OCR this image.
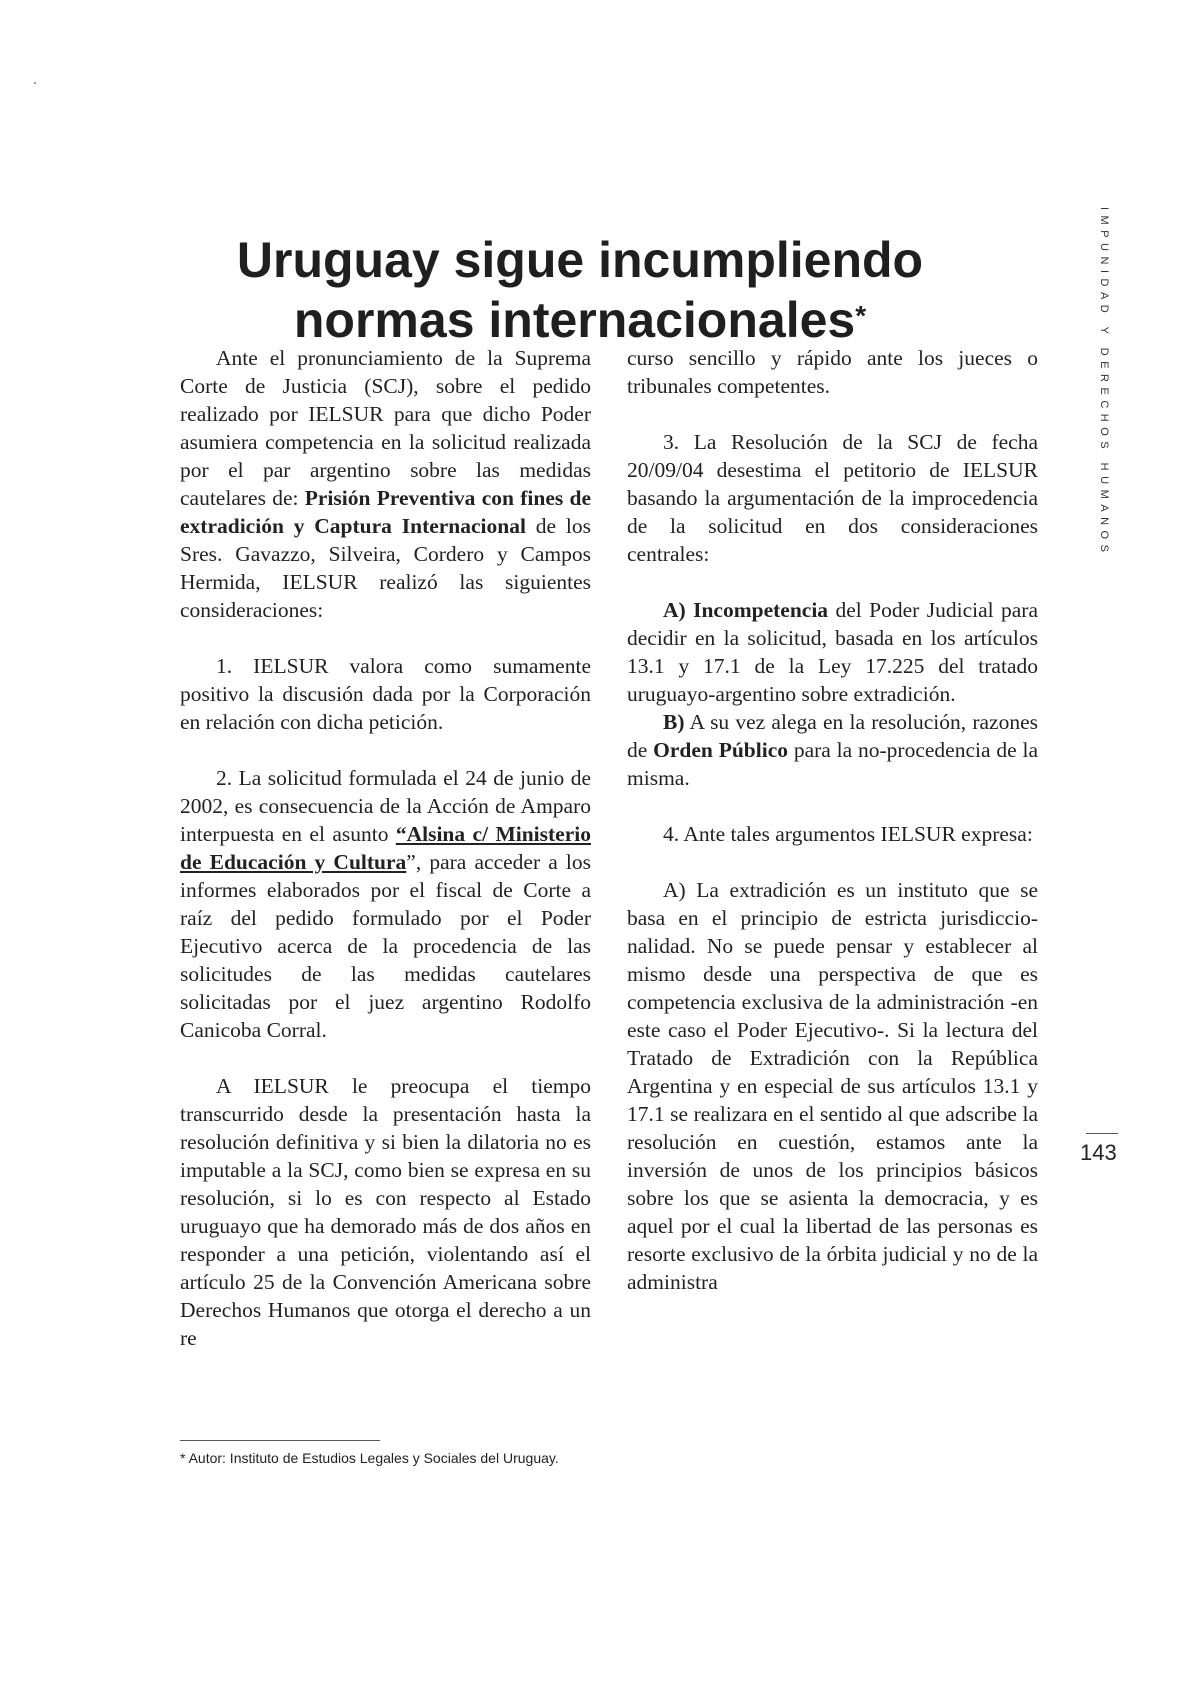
Uruguay sigue incumpliendo
normas internacionales*

Ante el pronunciamiento de la Suprema Corte de Justicia (SCJ), sobre el pedido realizado por IELSUR para que dicho Poder asumiera competencia en la solicitud realizada por el par argentino sobre las medidas cautelares de: Prisión Preventiva con fines de extradición y Captura Internacional de los Sres. Gavazzo, Silveira, Cordero y Campos Hermida, IELSUR realizó las siguientes consideraciones:

1. IELSUR valora como sumamente positivo la discusión dada por la Corporación en relación con dicha petición.

2. La solicitud formulada el 24 de junio de 2002, es consecuencia de la Acción de Amparo interpuesta en el asunto “Alsina c/ Ministerio de Educación y Cultura”, para acceder a los informes elaborados por el fiscal de Corte a raíz del pedido formulado por el Poder Ejecutivo acerca de la procedencia de las solicitudes de las medidas cautelares solicitadas por el juez argentino Rodolfo Canicoba Corral.

A IELSUR le preocupa el tiempo transcurrido desde la presentación hasta la resolución definitiva y si bien la dilatoria no es imputable a la SCJ, como bien se expresa en su resolución, si lo es con respecto al Estado uruguayo que ha demorado más de dos años en responder a una petición, violentando así el artículo 25 de la Convención Americana sobre Derechos Humanos que otorga el derecho a un re

curso sencillo y rápido ante los jueces o tribunales competentes.

3. La Resolución de la SCJ de fecha 20/09/04 desestima el petitorio de IELSUR basando la argumentación de la improcedencia de la solicitud en dos consideraciones centrales:

A) Incompetencia del Poder Judicial para decidir en la solicitud, basada en los artículos 13.1 y 17.1 de la Ley 17.225 del tratado uruguayo-argentino sobre extradición.

B) A su vez alega en la resolución, razones de Orden Público para la no-procedencia de la misma.

4. Ante tales argumentos IELSUR expresa:

A) La extradición es un instituto que se basa en el principio de estricta jurisdiccionalidad. No se puede pensar y establecer al mismo desde una perspectiva de que es competencia exclusiva de la administración -en este caso el Poder Ejecutivo-. Si la lectura del Tratado de Extradición con la República Argentina y en especial de sus artículos 13.1 y 17.1 se realizara en el sentido al que adscribe la resolución en cuestión, estamos ante la inversión de unos de los principios básicos sobre los que se asienta la democracia, y es aquel por el cual la libertad de las personas es resorte exclusivo de la órbita judicial y no de la administra

IMPUNIDAD Y DERECHOS HUMANOS
143
* Autor: Instituto de Estudios Legales y Sociales del Uruguay.
